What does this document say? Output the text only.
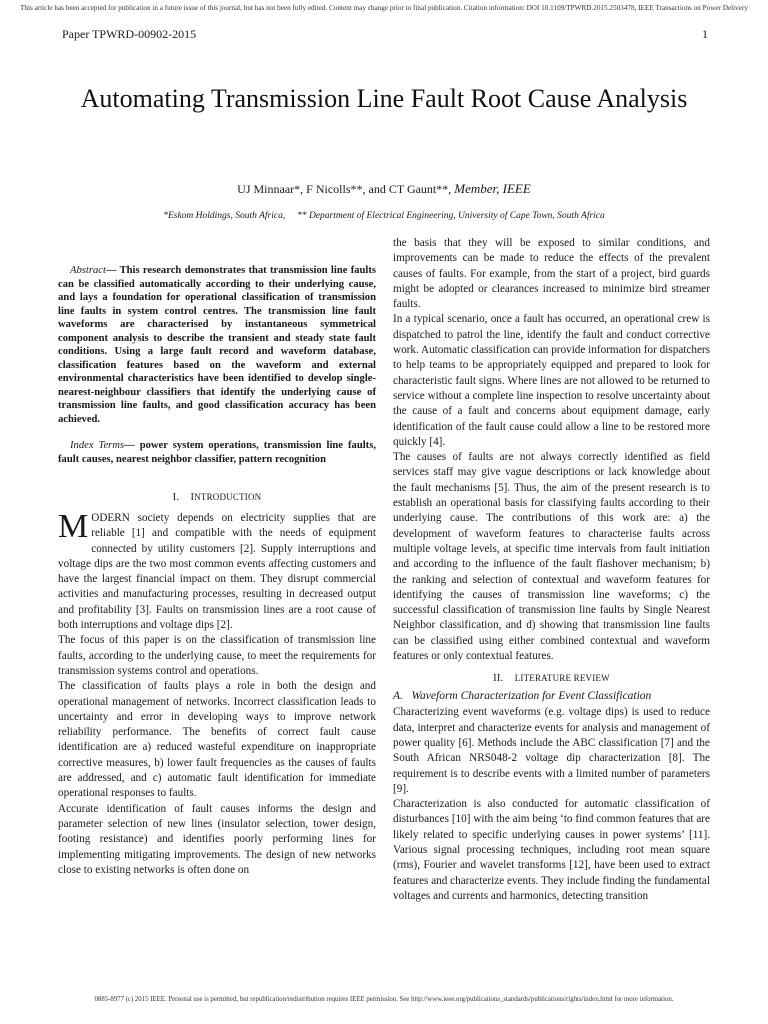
This article has been accepted for publication in a future issue of this journal, but has not been fully edited. Content may change prior to final publication. Citation information: DOI 10.1109/TPWRD.2015.2503478, IEEE Transactions on Power Delivery
Paper TPWRD-00902-2015	1
Automating Transmission Line Fault Root Cause Analysis
UJ Minnaar*, F Nicolls**, and CT Gaunt**, Member, IEEE
*Eskom Holdings, South Africa, ** Department of Electrical Engineering, University of Cape Town, South Africa

Abstract— This research demonstrates that transmission line faults can be classified automatically according to their underlying cause, and lays a foundation for operational classification of transmission line faults in system control centres. The transmission line fault waveforms are characterised by instantaneous symmetrical component analysis to describe the transient and steady state fault conditions. Using a large fault record and waveform database, classification features based on the waveform and external environmental characteristics have been identified to develop single-nearest-neighbour classifiers that identify the underlying cause of transmission line faults, and good classification accuracy has been achieved.

Index Terms— power system operations, transmission line faults, fault causes, nearest neighbor classifier, pattern recognition

I. INTRODUCTION

MODERN society depends on electricity supplies that are reliable [1] and compatible with the needs of equipment connected by utility customers [2]. Supply interruptions and voltage dips are the two most common events affecting customers and have the largest financial impact on them. They disrupt commercial activities and manufacturing processes, resulting in decreased output and profitability [3]. Faults on transmission lines are a root cause of both interruptions and voltage dips [2].

The focus of this paper is on the classification of transmission line faults, according to the underlying cause, to meet the requirements for transmission systems control and operations.

The classification of faults plays a role in both the design and operational management of networks. Incorrect classification leads to uncertainty and error in developing ways to improve network reliability performance. The benefits of correct fault cause identification are a) reduced wasteful expenditure on inappropriate corrective measures, b) lower fault frequencies as the causes of faults are addressed, and c) automatic fault identification for immediate operational responses to faults.

Accurate identification of fault causes informs the design and parameter selection of new lines (insulator selection, tower design, footing resistance) and identifies poorly performing lines for implementing mitigating improvements. The design of new networks close to existing networks is often done on

the basis that they will be exposed to similar conditions, and improvements can be made to reduce the effects of the prevalent causes of faults. For example, from the start of a project, bird guards might be adopted or clearances increased to minimize bird streamer faults.

In a typical scenario, once a fault has occurred, an operational crew is dispatched to patrol the line, identify the fault and conduct corrective work. Automatic classification can provide information for dispatchers to help teams to be appropriately equipped and prepared to look for characteristic fault signs. Where lines are not allowed to be returned to service without a complete line inspection to resolve uncertainty about the cause of a fault and concerns about equipment damage, early identification of the fault cause could allow a line to be restored more quickly [4].

The causes of faults are not always correctly identified as field services staff may give vague descriptions or lack knowledge about the fault mechanisms [5]. Thus, the aim of the present research is to establish an operational basis for classifying faults according to their underlying cause. The contributions of this work are: a) the development of waveform features to characterise faults across multiple voltage levels, at specific time intervals from fault initiation and according to the influence of the fault flashover mechanism; b) the ranking and selection of contextual and waveform features for identifying the causes of transmission line waveforms; c) the successful classification of transmission line faults by Single Nearest Neighbor classification, and d) showing that transmission line faults can be classified using either combined contextual and waveform features or only contextual features.

II. LITERATURE REVIEW
A.   Waveform Characterization for Event Classification

Characterizing event waveforms (e.g. voltage dips) is used to reduce data, interpret and characterize events for analysis and management of power quality [6]. Methods include the ABC classification [7] and the South African NRS048-2 voltage dip characterization [8]. The requirement is to describe events with a limited number of parameters [9].

Characterization is also conducted for automatic classification of disturbances [10] with the aim being ‘to find common features that are likely related to specific underlying causes in power systems’ [11]. Various signal processing techniques, including root mean square (rms), Fourier and wavelet transforms [12], have been used to extract features and characterize events. They include finding the fundamental voltages and currents and harmonics, detecting transition

0885-8977 (c) 2015 IEEE. Personal use is permitted, but republication/redistribution requires IEEE permission. See http://www.ieee.org/publications_standards/publications/rights/index.html for more information.
